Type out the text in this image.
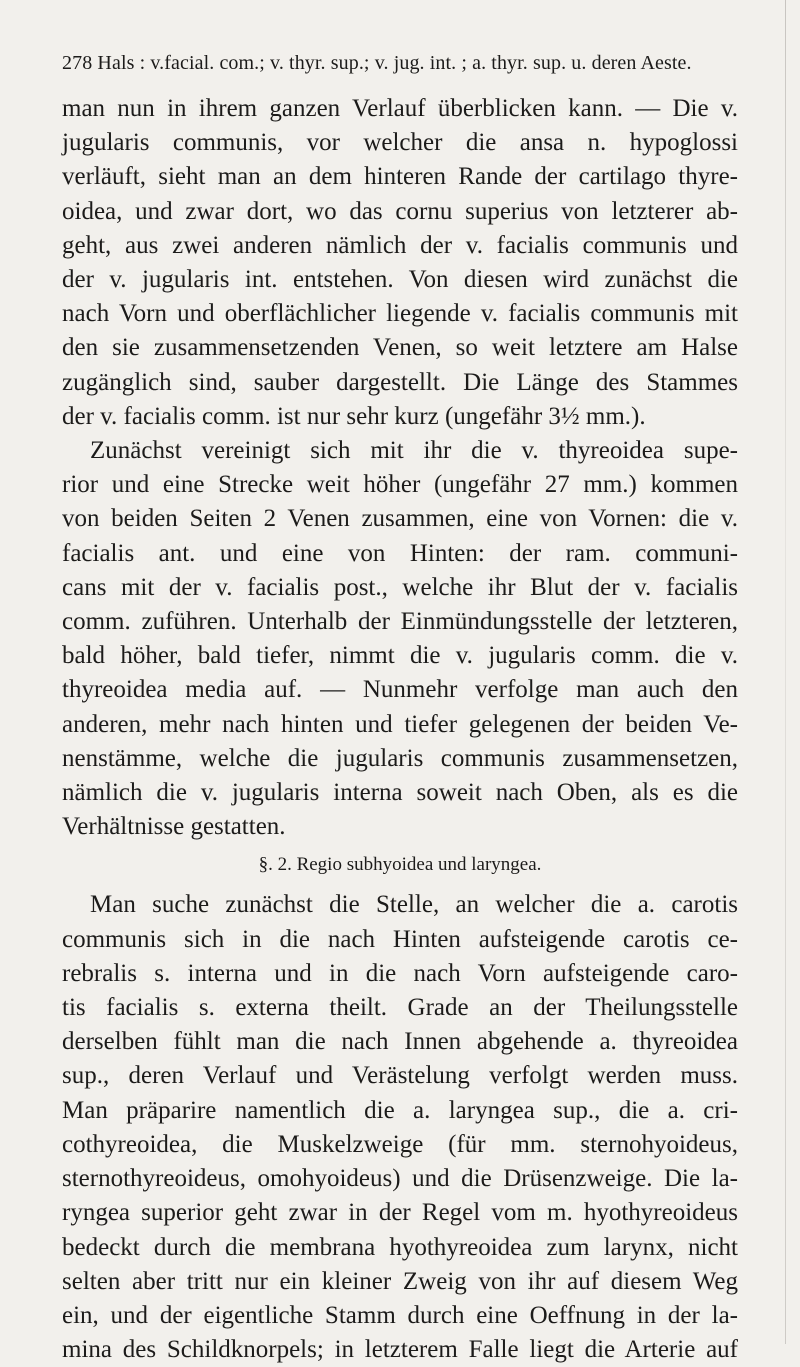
278 Hals : v.facial. com.; v. thyr. sup.; v. jug. int. ; a. thyr. sup. u. deren Aeste.
man nun in ihrem ganzen Verlauf überblicken kann. — Die v.
jugularis communis, vor welcher die ansa n. hypoglossi
verläuft, sieht man an dem hinteren Rande der cartilago thyre-
oidea, und zwar dort, wo das cornu superius von letzterer ab-
geht, aus zwei anderen nämlich der v. facialis communis und
der v. jugularis int. entstehen. Von diesen wird zunächst die
nach Vorn und oberflächlicher liegende v. facialis communis mit
den sie zusammensetzenden Venen, so weit letztere am Halse
zugänglich sind, sauber dargestellt. Die Länge des Stammes
der v. facialis comm. ist nur sehr kurz (ungefähr 3½ mm.).
Zunächst vereinigt sich mit ihr die v. thyreoidea supe-
rior und eine Strecke weit höher (ungefähr 27 mm.) kommen
von beiden Seiten 2 Venen zusammen, eine von Vornen: die v.
facialis ant. und eine von Hinten: der ram. communi-
cans mit der v. facialis post., welche ihr Blut der v. facialis
comm. zuführen. Unterhalb der Einmündungsstelle der letzteren,
bald höher, bald tiefer, nimmt die v. jugularis comm. die v.
thyreoidea media auf. — Nunmehr verfolge man auch den
anderen, mehr nach hinten und tiefer gelegenen der beiden Ve-
nenstämme, welche die jugularis communis zusammensetzen,
nämlich die v. jugularis interna soweit nach Oben, als es die
Verhältnisse gestatten.
§. 2. Regio subhyoidea und laryngea.
Man suche zunächst die Stelle, an welcher die a. carotis
communis sich in die nach Hinten aufsteigende carotis ce-
rebralis s. interna und in die nach Vorn aufsteigende caro-
tis facialis s. externa theilt. Grade an der Theilungsstelle
derselben fühlt man die nach Innen abgehende a. thyreoidea
sup., deren Verlauf und Verästelung verfolgt werden muss.
Man präparire namentlich die a. laryngea sup., die a. cri-
cothyreoidea, die Muskelzweige (für mm. sternohyoideus,
sternothyreoideus, omohyoideus) und die Drüsenzweige. Die la-
ryngea superior geht zwar in der Regel vom m. hyothyreoideus
bedeckt durch die membrana hyothyreoidea zum larynx, nicht
selten aber tritt nur ein kleiner Zweig von ihr auf diesem Weg
ein, und der eigentliche Stamm durch eine Oeffnung in der la-
mina des Schildknorpels; in letzterem Falle liegt die Arterie auf
